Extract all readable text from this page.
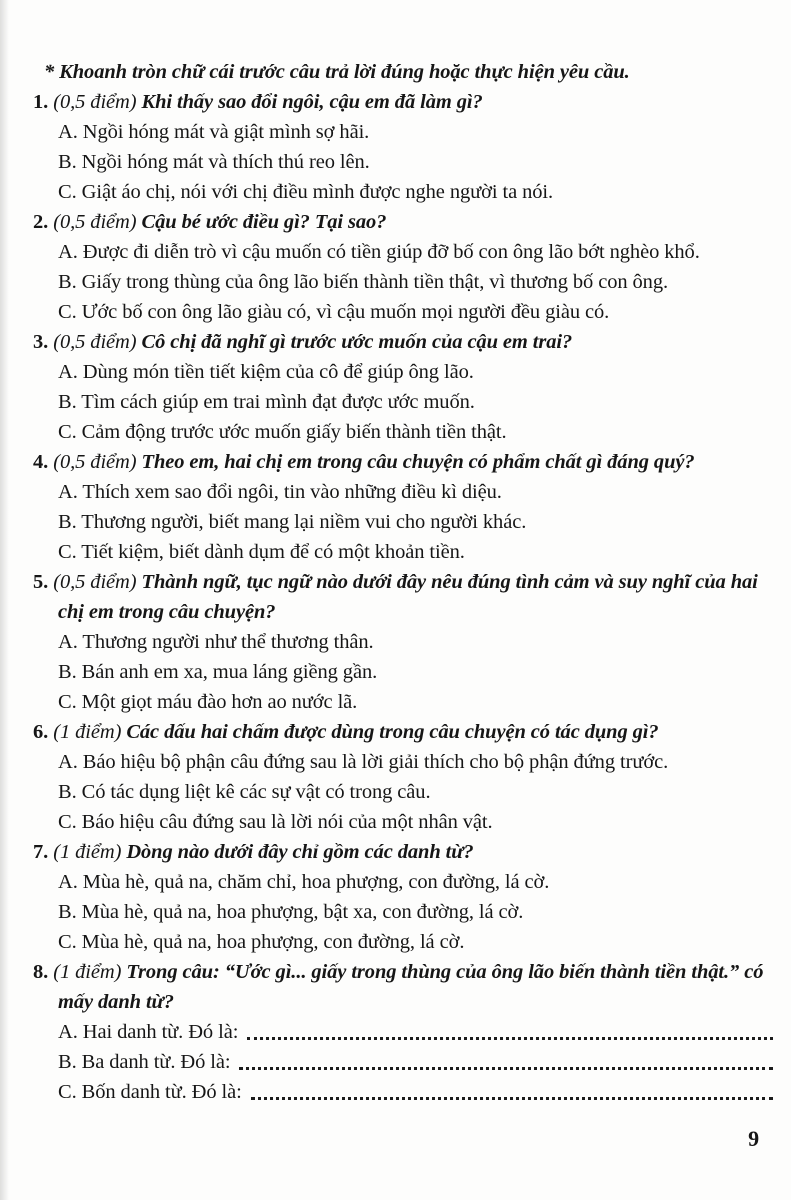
* Khoanh tròn chữ cái trước câu trả lời đúng hoặc thực hiện yêu cầu.

1. (0,5 điểm) Khi thấy sao đổi ngôi, cậu em đã làm gì?

A. Ngồi hóng mát và giật mình sợ hãi.

B. Ngồi hóng mát và thích thú reo lên.

C. Giật áo chị, nói với chị điều mình được nghe người ta nói.

2. (0,5 điểm) Cậu bé ước điều gì? Tại sao?

A. Được đi diễn trò vì cậu muốn có tiền giúp đỡ bố con ông lão bớt nghèo khổ.

B. Giấy trong thùng của ông lão biến thành tiền thật, vì thương bố con ông.

C. Ước bố con ông lão giàu có, vì cậu muốn mọi người đều giàu có.

3. (0,5 điểm) Cô chị đã nghĩ gì trước ước muốn của cậu em trai?

A. Dùng món tiền tiết kiệm của cô để giúp ông lão.

B. Tìm cách giúp em trai mình đạt được ước muốn.

C. Cảm động trước ước muốn giấy biến thành tiền thật.

4. (0,5 điểm) Theo em, hai chị em trong câu chuyện có phẩm chất gì đáng quý?

A. Thích xem sao đổi ngôi, tin vào những điều kì diệu.

B. Thương người, biết mang lại niềm vui cho người khác.

C. Tiết kiệm, biết dành dụm để có một khoản tiền.

5. (0,5 điểm) Thành ngữ, tục ngữ nào dưới đây nêu đúng tình cảm và suy nghĩ của hai chị em trong câu chuyện?

A. Thương người như thể thương thân.

B. Bán anh em xa, mua láng giềng gần.

C. Một giọt máu đào hơn ao nước lã.

6. (1 điểm) Các dấu hai chấm được dùng trong câu chuyện có tác dụng gì?

A. Báo hiệu bộ phận câu đứng sau là lời giải thích cho bộ phận đứng trước.

B. Có tác dụng liệt kê các sự vật có trong câu.

C. Báo hiệu câu đứng sau là lời nói của một nhân vật.

7. (1 điểm) Dòng nào dưới đây chỉ gồm các danh từ?

A. Mùa hè, quả na, chăm chỉ, hoa phượng, con đường, lá cờ.

B. Mùa hè, quả na, hoa phượng, bật xa, con đường, lá cờ.

C. Mùa hè, quả na, hoa phượng, con đường, lá cờ.

8. (1 điểm) Trong câu: “Ước gì... giấy trong thùng của ông lão biến thành tiền thật.” có mấy danh từ?

A. Hai danh từ. Đó là:

B. Ba danh từ. Đó là:

C. Bốn danh từ. Đó là:

9
